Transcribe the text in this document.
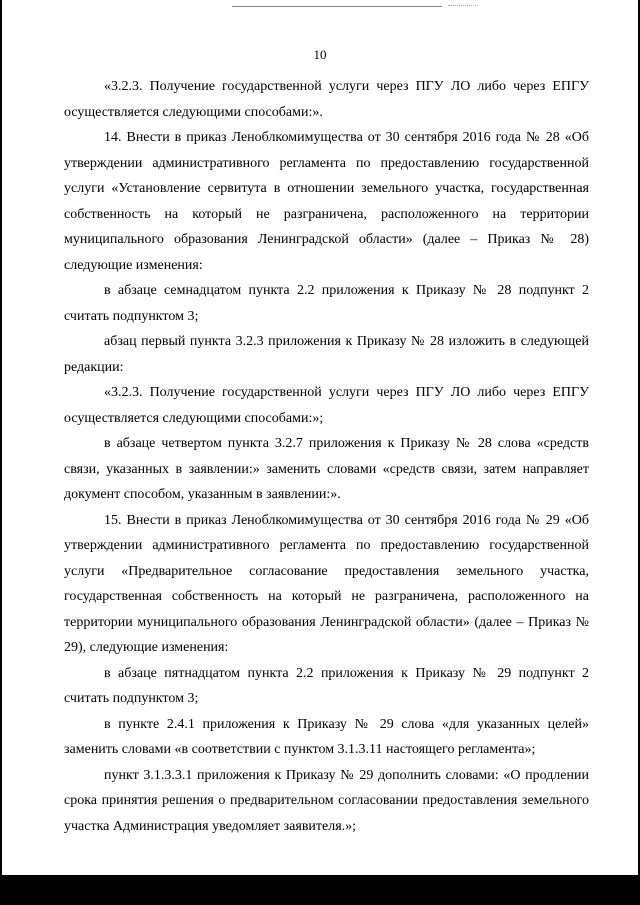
10

«3.2.3. Получение государственной услуги через ПГУ ЛО либо через ЕПГУ осуществляется следующими способами:».

14. Внести в приказ Леноблкомимущества от 30 сентября 2016 года № 28 «Об утверждении административного регламента по предоставлению государственной услуги «Установление сервитута в отношении земельного участка, государственная собственность на который не разграничена, расположенного на территории муниципального образования Ленинградской области» (далее – Приказ № 28) следующие изменения:

в абзаце семнадцатом пункта 2.2 приложения к Приказу № 28 подпункт 2 считать подпунктом 3;

абзац первый пункта 3.2.3 приложения к Приказу № 28 изложить в следующей редакции:

«3.2.3. Получение государственной услуги через ПГУ ЛО либо через ЕПГУ осуществляется следующими способами:»;

в абзаце четвертом пункта 3.2.7 приложения к Приказу № 28 слова «средств связи, указанных в заявлении:» заменить словами «средств связи, затем направляет документ способом, указанным в заявлении:».

15. Внести в приказ Леноблкомимущества от 30 сентября 2016 года № 29 «Об утверждении административного регламента по предоставлению государственной услуги «Предварительное согласование предоставления земельного участка, государственная собственность на который не разграничена, расположенного на территории муниципального образования Ленинградской области» (далее – Приказ № 29), следующие изменения:

в абзаце пятнадцатом пункта 2.2 приложения к Приказу № 29 подпункт 2 считать подпунктом 3;

в пункте 2.4.1 приложения к Приказу № 29 слова «для указанных целей» заменить словами «в соответствии с пунктом 3.1.3.11 настоящего регламента»;

пункт 3.1.3.3.1 приложения к Приказу № 29 дополнить словами: «О продлении срока принятия решения о предварительном согласовании предоставления земельного участка Администрация уведомляет заявителя.»;
